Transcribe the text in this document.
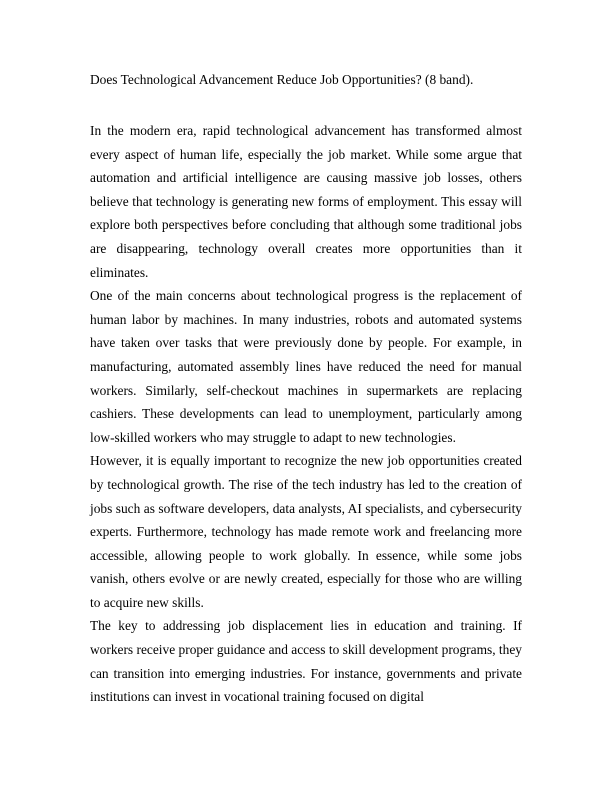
Does Technological Advancement Reduce Job Opportunities? (8 band).

In the modern era, rapid technological advancement has transformed almost every aspect of human life, especially the job market. While some argue that automation and artificial intelligence are causing massive job losses, others believe that technology is generating new forms of employment. This essay will explore both perspectives before concluding that although some traditional jobs are disappearing, technology overall creates more opportunities than it eliminates.

One of the main concerns about technological progress is the replacement of human labor by machines. In many industries, robots and automated systems have taken over tasks that were previously done by people. For example, in manufacturing, automated assembly lines have reduced the need for manual workers. Similarly, self-checkout machines in supermarkets are replacing cashiers. These developments can lead to unemployment, particularly among low-skilled workers who may struggle to adapt to new technologies.

However, it is equally important to recognize the new job opportunities created by technological growth. The rise of the tech industry has led to the creation of jobs such as software developers, data analysts, AI specialists, and cybersecurity experts. Furthermore, technology has made remote work and freelancing more accessible, allowing people to work globally. In essence, while some jobs vanish, others evolve or are newly created, especially for those who are willing to acquire new skills.

The key to addressing job displacement lies in education and training. If workers receive proper guidance and access to skill development programs, they can transition into emerging industries. For instance, governments and private institutions can invest in vocational training focused on digital
